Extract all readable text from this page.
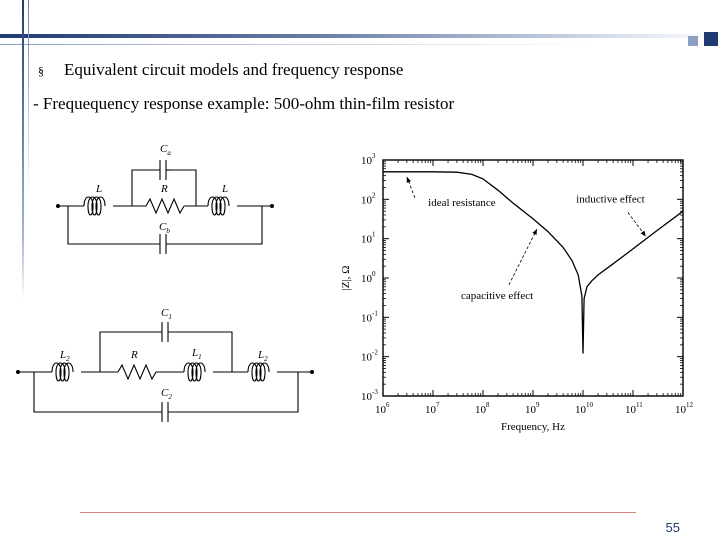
§ Equivalent circuit models and frequency response
- Frequequency response example: 500-ohm thin-film resistor
$C_a$
L	R	L
$C_b$
$C_1$
$L_2$	R	$L_1$	$L_2$
$C_2$
$10^6$	$10^7$	$10^8$	$10^9$	$10^{10}$	$10^{11}$	$10^{12}$
$10^{-3}$
$10^{-2}$
$10^{-1}$
$10^0$
$10^1$
$10^2$
$10^3$
ideal resistance	inductive effect
capacitive effect
Frequency, Hz
|Z|, Ω
55
